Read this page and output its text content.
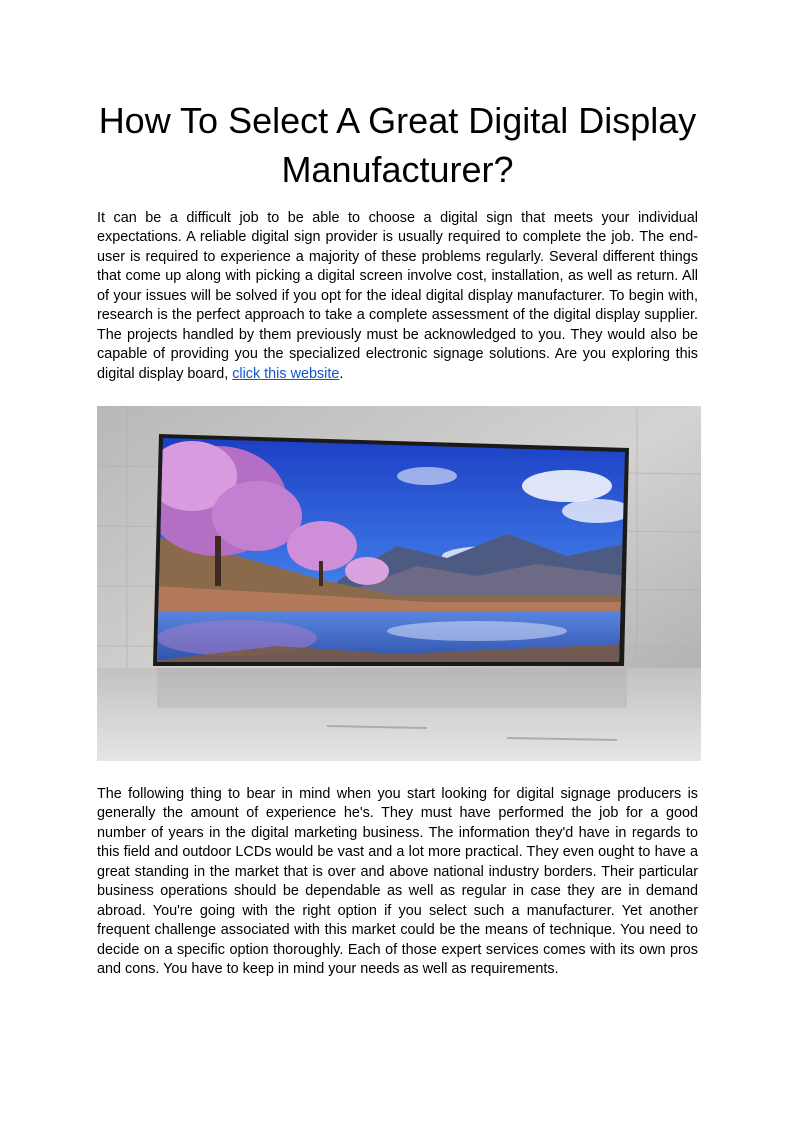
How To Select A Great Digital Display Manufacturer?

It can be a difficult job to be able to choose a digital sign that meets your individual expectations. A reliable digital sign provider is usually required to complete the job. The end-user is required to experience a majority of these problems regularly. Several different things that come up along with picking a digital screen involve cost, installation, as well as return. All of your issues will be solved if you opt for the ideal digital display manufacturer. To begin with, research is the perfect approach to take a complete assessment of the digital display supplier. The projects handled by them previously must be acknowledged to you. They would also be capable of providing you the specialized electronic signage solutions. Are you exploring this digital display board, click this website.

The following thing to bear in mind when you start looking for digital signage producers is generally the amount of experience he's. They must have performed the job for a good number of years in the digital marketing business. The information they'd have in regards to this field and outdoor LCDs would be vast and a lot more practical. They even ought to have a great standing in the market that is over and above national industry borders. Their particular business operations should be dependable as well as regular in case they are in demand abroad. You're going with the right option if you select such a manufacturer. Yet another frequent challenge associated with this market could be the means of technique. You need to decide on a specific option thoroughly. Each of those expert services comes with its own pros and cons. You have to keep in mind your needs as well as requirements.
